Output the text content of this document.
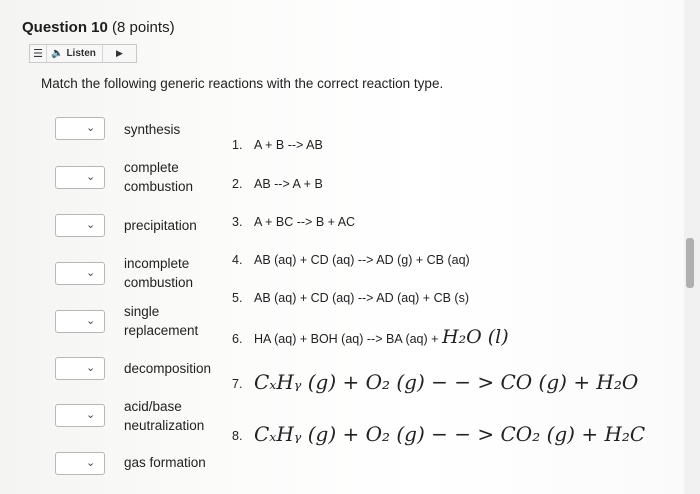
Question 10 (8 points)
☰ 🔈 Listen	▶
Match the following generic reactions with the correct reaction type.
⌄
⌄
⌄
⌄
⌄
⌄
⌄
⌄
synthesis
complete
combustion
precipitation
incomplete
combustion
single
replacement
decomposition
acid/base
neutralization
gas formation
1. A + B --> AB
2. AB --> A + B
3. A + BC --> B + AC
4. AB (aq) + CD (aq) --> AD (g) + CB (aq)
5. AB (aq) + CD (aq) --> AD (aq) + CB (s)
6. HA (aq) + BOH (aq) --> BA (aq) + H₂O (l)
7. CₓHᵧ (g) + O₂ (g) − − > CO (g) + H₂O
8. CₓHᵧ (g) + O₂ (g) − − > CO₂ (g) + H₂C
